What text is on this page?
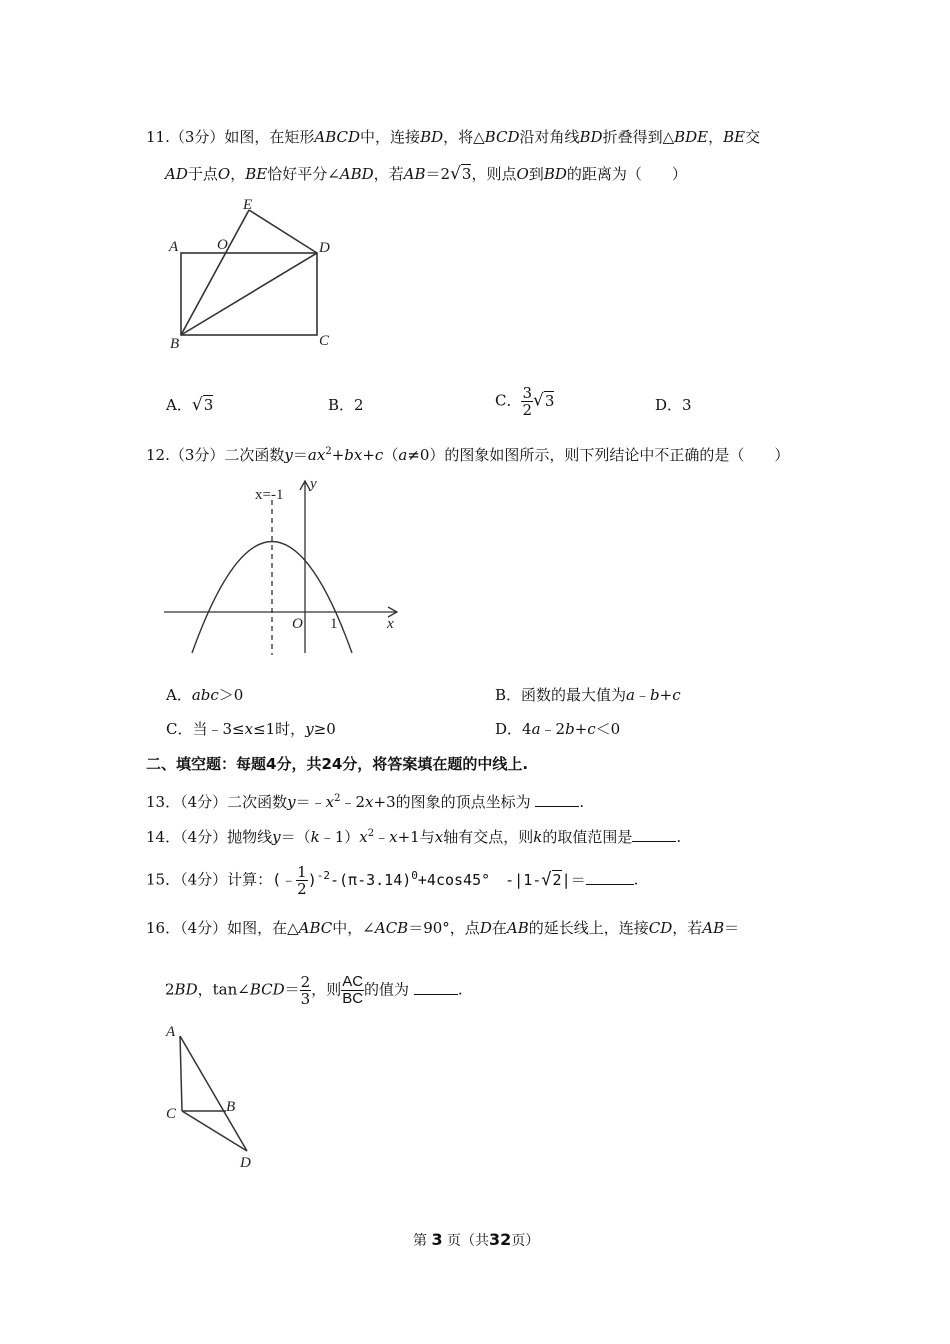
11.（3分）如图，在矩形ABCD中，连接BD，将△BCD沿对角线BD折叠得到△BDE，BE交
AD于点O，BE恰好平分∠ABD，若AB＝2√3，则点O到BD的距离为（　　）
E
A	O	D
B	C
A．√3	B．2	C． $\frac{3}{2} √3$	D．3
12.（3分）二次函数$y=ax^2+bx+c(a\ne 0)$的图象如图所示，则下列结论中不正确的是（　　）
x=-1
y
O 1	x
A．abc＞0	B．函数的最大值为a﹣b+c
C．当﹣3≤x≤1时，y≥0	D．4a﹣2b+c＜0
二、填空题：每题4分，共24分，将答案填在题的中线上.
13．（4分）二次函数$y=﹣x^2﹣2x+3$的图象的顶点坐标为	.
14．（4分）抛物线$y=(k﹣1)x^2﹣x+1$与x轴有交点，则k的取值范围是	.
15．（4分）计算：(﹣ $\frac{1}{2} )^{-2}-(\pi-3.14)^0+4\cos 45^\circ$　-|1-√2|＝	.
16．（4分）如图，在△ABC中，∠ACB＝90°，点D在AB的延长线上，连接CD，若AB＝
2BD，tan∠BCD＝ $\frac{2}{3}$ ，则 $\frac{AC}{BC}$ 的值为	.
A
C	B
D
第 3 页（共32页）
